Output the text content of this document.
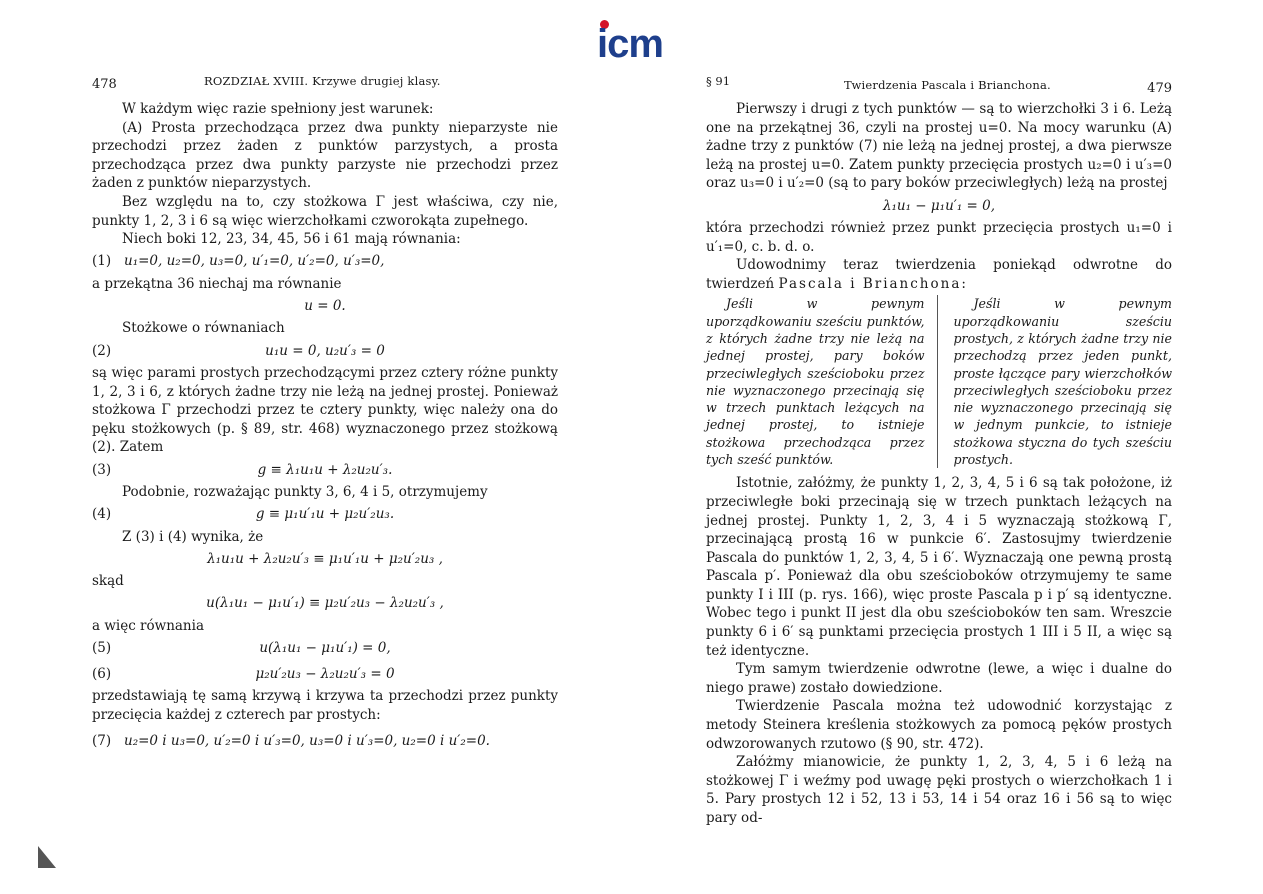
icm
478	ROZDZIAŁ XVIII. Krzywe drugiej klasy.

W każdym więc razie spełniony jest warunek:

(A) Prosta przechodząca przez dwa punkty nieparzyste nie przechodzi przez żaden z punktów parzystych, a prosta przechodząca przez dwa punkty parzyste nie przechodzi przez żaden z punktów nieparzystych.

Bez względu na to, czy stożkowa Γ jest właściwa, czy nie, punkty 1, 2, 3 i 6 są więc wierzchołkami czworokąta zupełnego.

Niech boki 12, 23, 34, 45, 56 i 61 mają równania:

(1) u₁=0, u₂=0, u₃=0, u′₁=0, u′₂=0, u′₃=0,

a przekątna 36 niechaj ma równanie

u = 0.

Stożkowe o równaniach

(2)	u₁u = 0, u₂u′₃ = 0

są więc parami prostych przechodzącymi przez cztery różne punkty 1, 2, 3 i 6, z których żadne trzy nie leżą na jednej prostej. Ponieważ stożkowa Γ przechodzi przez te cztery punkty, więc należy ona do pęku stożkowych (p. § 89, str. 468) wyznaczonego przez stożkową (2). Zatem

(3)	g ≡ λ₁u₁u + λ₂u₂u′₃.

Podobnie, rozważając punkty 3, 6, 4 i 5, otrzymujemy

(4)	g ≡ μ₁u′₁u + μ₂u′₂u₃.

Z (3) i (4) wynika, że

λ₁u₁u + λ₂u₂u′₃ ≡ μ₁u′₁u + μ₂u′₂u₃ ,

skąd

u(λ₁u₁ − μ₁u′₁) ≡ μ₂u′₂u₃ − λ₂u₂u′₃ ,

a więc równania

(5)	u(λ₁u₁ − μ₁u′₁) = 0,
(6)	μ₂u′₂u₃ − λ₂u₂u′₃ = 0

przedstawiają tę samą krzywą i krzywa ta przechodzi przez punkty przecięcia każdej z czterech par prostych:

(7) u₂=0 i u₃=0, u′₂=0 i u′₃=0, u₃=0 i u′₃=0, u₂=0 i u′₂=0.
§ 91	Twierdzenia Pascala i Brianchona.	479

Pierwszy i drugi z tych punktów — są to wierzchołki 3 i 6. Leżą one na przekątnej 36, czyli na prostej u=0. Na mocy warunku (A) żadne trzy z punktów (7) nie leżą na jednej prostej, a dwa pierwsze leżą na prostej u=0. Zatem punkty przecięcia prostych u₂=0 i u′₃=0 oraz u₃=0 i u′₂=0 (są to pary boków przeciwległych) leżą na prostej

λ₁u₁ − μ₁u′₁ = 0,

która przechodzi również przez punkt przecięcia prostych u₁=0 i u′₁=0, c. b. d. o.

Udowodnimy teraz twierdzenia poniekąd odwrotne do twierdzeń Pascala i Brianchona:

Jeśli w pewnym uporządkowaniu sześciu punktów, z których żadne trzy nie leżą na jednej prostej, pary boków przeciwległych sześcioboku przez nie wyznaczonego przecinają się w trzech punktach leżących na jednej prostej, to istnieje stożkowa przechodząca przez tych sześć punktów.
Jeśli w pewnym uporządkowaniu sześciu prostych, z których żadne trzy nie przechodzą przez jeden punkt, proste łączące pary wierzchołków przeciwległych sześcioboku przez nie wyznaczonego przecinają się w jednym punkcie, to istnieje stożkowa styczna do tych sześciu prostych.

Istotnie, załóżmy, że punkty 1, 2, 3, 4, 5 i 6 są tak położone, iż przeciwległe boki przecinają się w trzech punktach leżących na jednej prostej. Punkty 1, 2, 3, 4 i 5 wyznaczają stożkową Γ, przecinającą prostą 16 w punkcie 6′. Zastosujmy twierdzenie Pascala do punktów 1, 2, 3, 4, 5 i 6′. Wyznaczają one pewną prostą Pascala p′. Ponieważ dla obu sześcioboków otrzymujemy te same punkty I i III (p. rys. 166), więc proste Pascala p i p′ są identyczne. Wobec tego i punkt II jest dla obu sześcioboków ten sam. Wreszcie punkty 6 i 6′ są punktami przecięcia prostych 1 III i 5 II, a więc są też identyczne.

Tym samym twierdzenie odwrotne (lewe, a więc i dualne do niego prawe) zostało dowiedzione.

Twierdzenie Pascala można też udowodnić korzystając z metody Steinera kreślenia stożkowych za pomocą pęków prostych odwzorowanych rzutowo (§ 90, str. 472).

Załóżmy mianowicie, że punkty 1, 2, 3, 4, 5 i 6 leżą na stożkowej Γ i weźmy pod uwagę pęki prostych o wierzchołkach 1 i 5. Pary prostych 12 i 52, 13 i 53, 14 i 54 oraz 16 i 56 są to więc pary od-
